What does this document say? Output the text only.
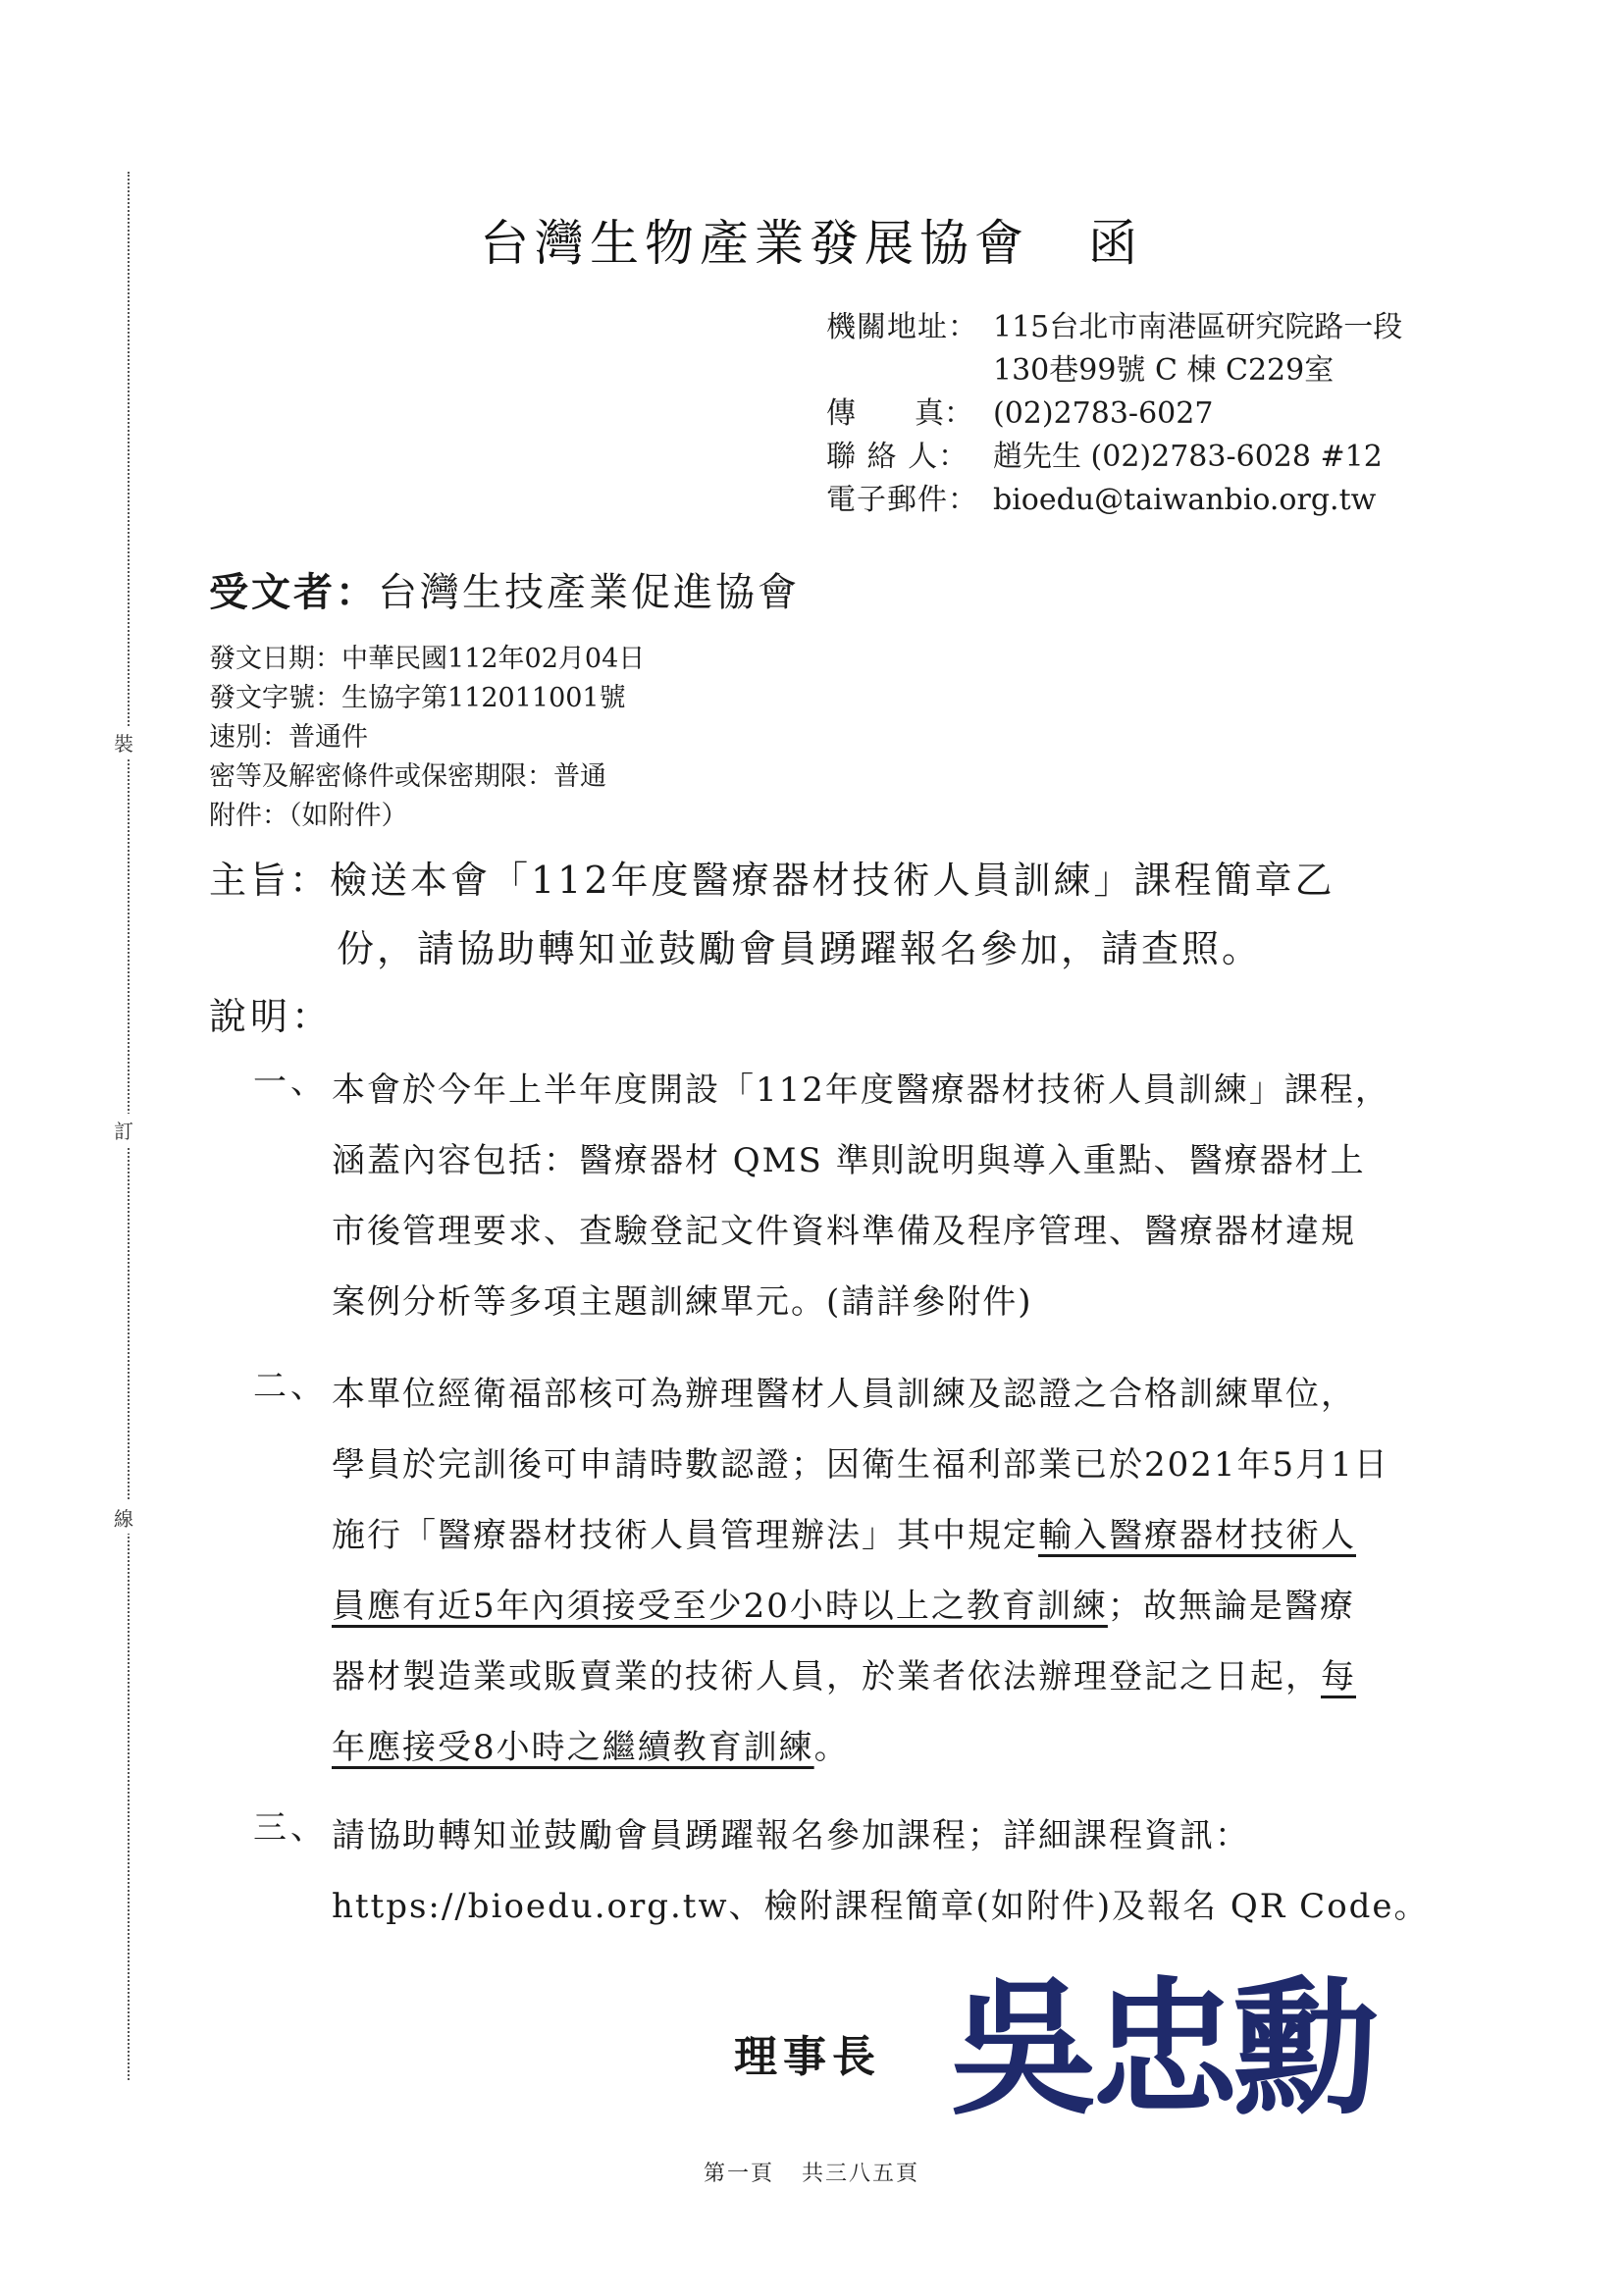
裝
訂
線
台灣生物產業發展協會 函
機關地址： 115台北市南港區研究院路一段
130巷99號 C 棟 C229室
傳　　真： (02)2783-6027
聯 絡 人： 趙先生 (02)2783-6028 #12
電子郵件： bioedu@taiwanbio.org.tw
受文者：台灣生技產業促進協會
發文日期：中華民國112年02月04日
發文字號：生協字第112011001號
速別：普通件
密等及解密條件或保密期限：普通
附件：（如附件）
主旨：檢送本會「112年度醫療器材技術人員訓練」課程簡章乙
份，請協助轉知並鼓勵會員踴躍報名參加，請查照。
說明：
一、 本會於今年上半年度開設「112年度醫療器材技術人員訓練」課程，
涵蓋內容包括：醫療器材 QMS 準則說明與導入重點、醫療器材上
市後管理要求、查驗登記文件資料準備及程序管理、醫療器材違規
案例分析等多項主題訓練單元。(請詳參附件)
二、 本單位經衛福部核可為辦理醫材人員訓練及認證之合格訓練單位，
學員於完訓後可申請時數認證；因衛生福利部業已於2021年5月1日
施行「醫療器材技術人員管理辦法」其中規定輸入醫療器材技術人
員應有近5年內須接受至少20小時以上之教育訓練；故無論是醫療
器材製造業或販賣業的技術人員，於業者依法辦理登記之日起，每
年應接受8小時之繼續教育訓練。
三、 請協助轉知並鼓勵會員踴躍報名參加課程；詳細課程資訊：
https://bioedu.org.tw、檢附課程簡章(如附件)及報名 QR Code。
理事長 吳忠勳
第一頁 共三八五頁
